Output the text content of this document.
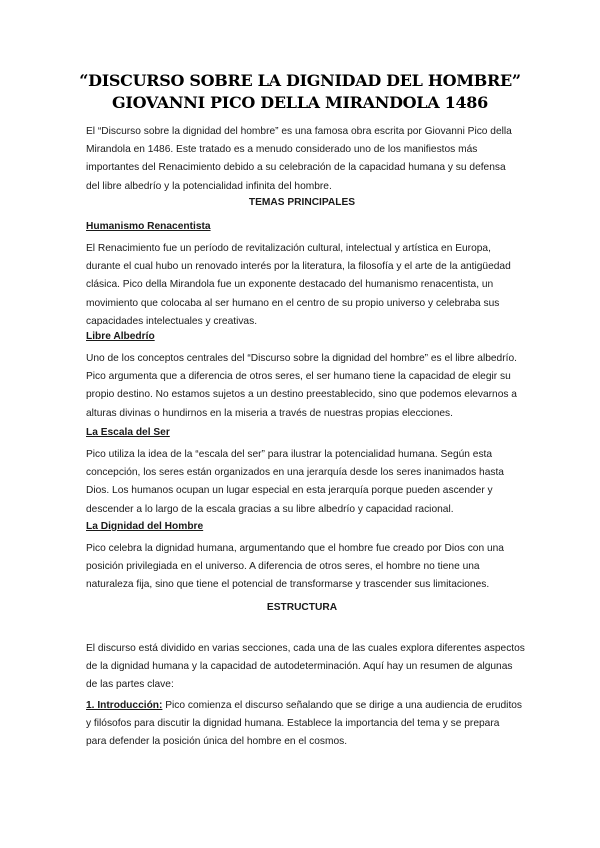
“DISCURSO SOBRE LA DIGNIDAD DEL HOMBRE” GIOVANNI PICO DELLA MIRANDOLA 1486

El “Discurso sobre la dignidad del hombre” es una famosa obra escrita por Giovanni Pico della
Mirandola en 1486. Este tratado es a menudo considerado uno de los manifiestos más
importantes del Renacimiento debido a su celebración de la capacidad humana y su defensa
del libre albedrío y la potencialidad infinita del hombre.

TEMAS PRINCIPALES

Humanismo Renacentista

El Renacimiento fue un período de revitalización cultural, intelectual y artística en Europa,
durante el cual hubo un renovado interés por la literatura, la filosofía y el arte de la antigüedad
clásica. Pico della Mirandola fue un exponente destacado del humanismo renacentista, un
movimiento que colocaba al ser humano en el centro de su propio universo y celebraba sus
capacidades intelectuales y creativas.

Libre Albedrío

Uno de los conceptos centrales del “Discurso sobre la dignidad del hombre” es el libre albedrío.
Pico argumenta que a diferencia de otros seres, el ser humano tiene la capacidad de elegir su
propio destino. No estamos sujetos a un destino preestablecido, sino que podemos elevarnos a
alturas divinas o hundirnos en la miseria a través de nuestras propias elecciones.

La Escala del Ser

Pico utiliza la idea de la “escala del ser” para ilustrar la potencialidad humana. Según esta
concepción, los seres están organizados en una jerarquía desde los seres inanimados hasta
Dios. Los humanos ocupan un lugar especial en esta jerarquía porque pueden ascender y
descender a lo largo de la escala gracias a su libre albedrío y capacidad racional.

La Dignidad del Hombre

Pico celebra la dignidad humana, argumentando que el hombre fue creado por Dios con una
posición privilegiada en el universo. A diferencia de otros seres, el hombre no tiene una
naturaleza fija, sino que tiene el potencial de transformarse y trascender sus limitaciones.

ESTRUCTURA

El discurso está dividido en varias secciones, cada una de las cuales explora diferentes aspectos
de la dignidad humana y la capacidad de autodeterminación. Aquí hay un resumen de algunas
de las partes clave:

1. Introducción: Pico comienza el discurso señalando que se dirige a una audiencia de eruditos
y filósofos para discutir la dignidad humana. Establece la importancia del tema y se prepara
para defender la posición única del hombre en el cosmos.
